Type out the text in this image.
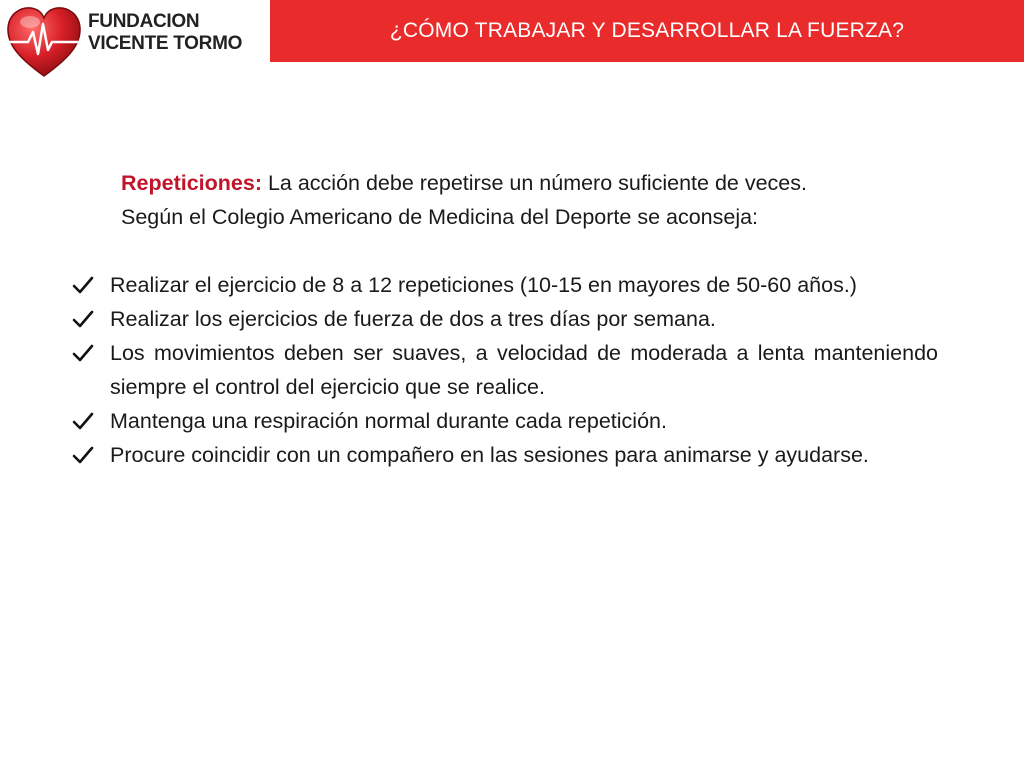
FUNDACION
VICENTE TORMO
¿CÓMO TRABAJAR Y DESARROLLAR LA FUERZA?
Repeticiones: La acción debe repetirse un número suficiente de veces.
Según el Colegio Americano de Medicina del Deporte se aconseja:
Realizar el ejercicio de 8 a 12 repeticiones (10-15 en mayores de 50-60 años.)
Realizar los ejercicios de fuerza de dos a tres días por semana.
Los movimientos deben ser suaves, a velocidad de moderada a lenta manteniendo siempre el control del ejercicio que se realice.
Mantenga una respiración normal durante cada repetición.
Procure coincidir con un compañero en las sesiones para animarse y ayudarse.
